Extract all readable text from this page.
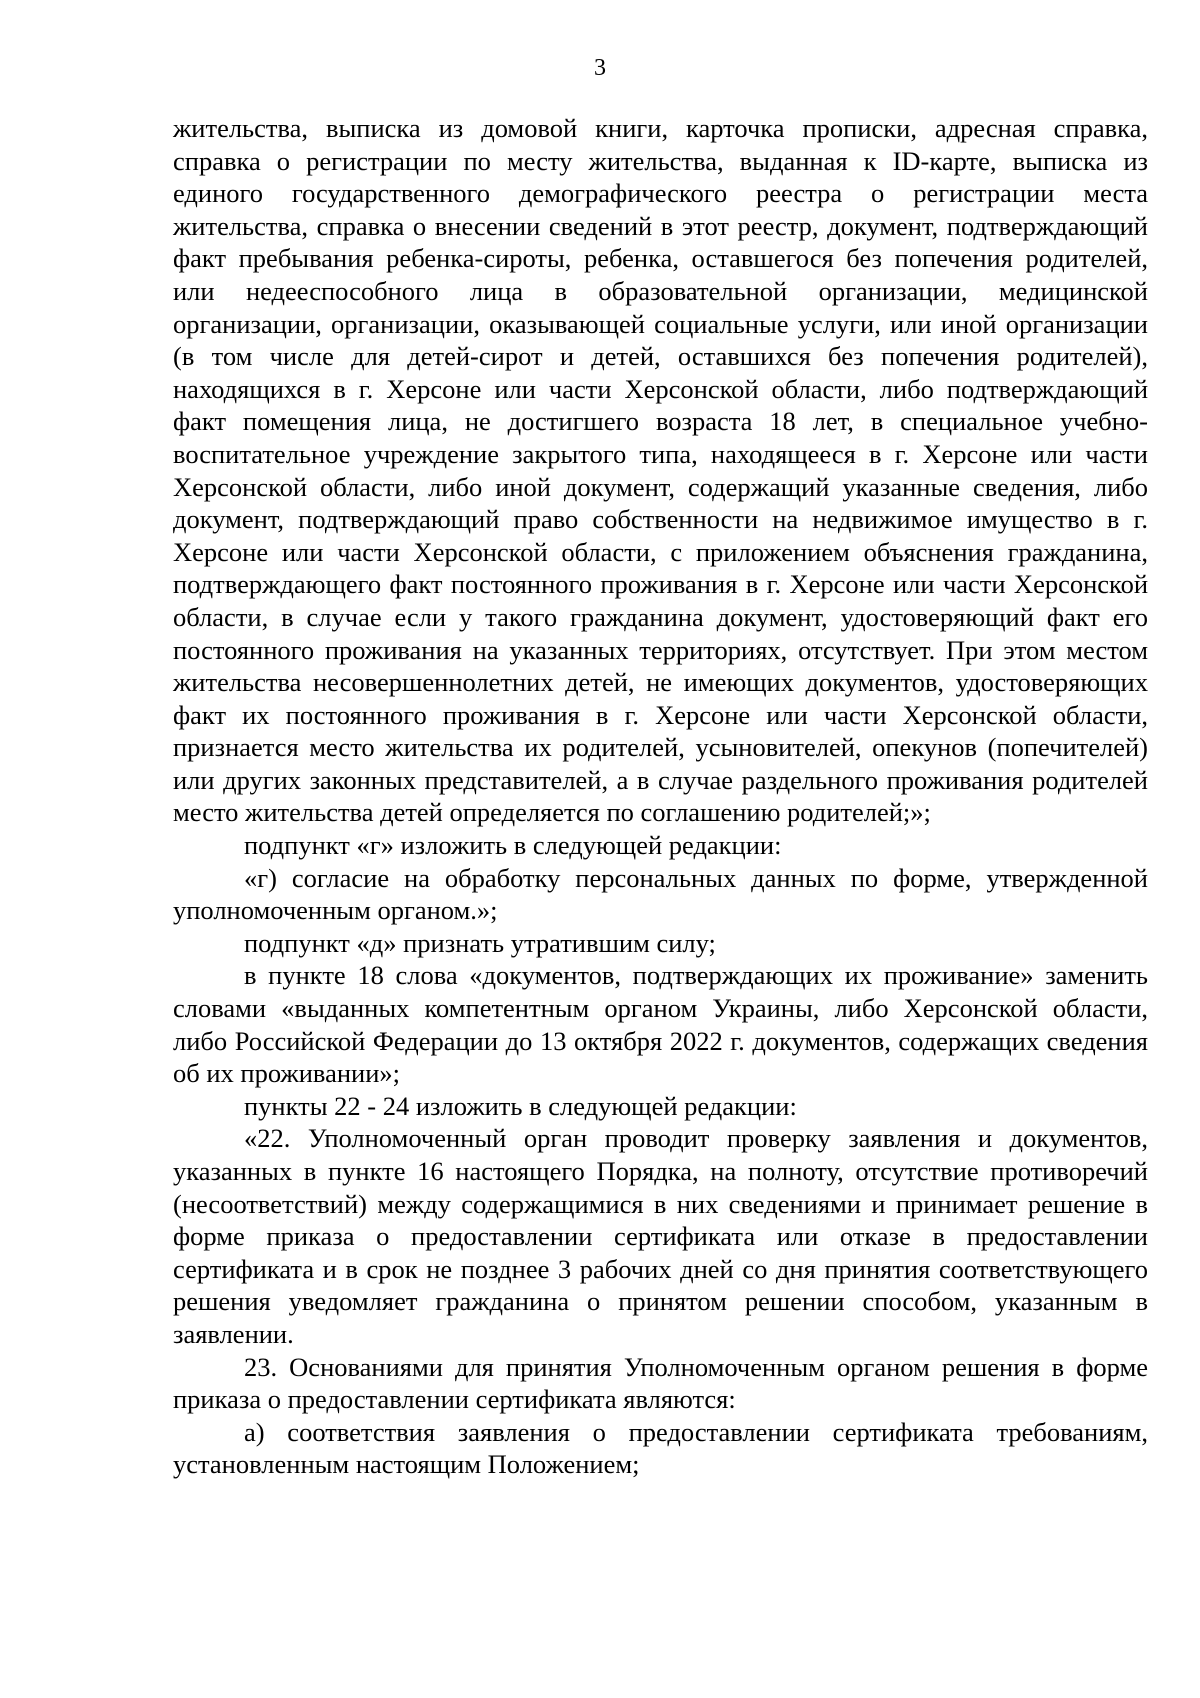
3

жительства, выписка из домовой книги, карточка прописки, адресная справка, справка о регистрации по месту жительства, выданная к ID-карте, выписка из единого государственного демографического реестра о регистрации места жительства, справка о внесении сведений в этот реестр, документ, подтверждающий факт пребывания ребенка-сироты, ребенка, оставшегося без попечения родителей, или недееспособного лица в образовательной организации, медицинской организации, организации, оказывающей социальные услуги, или иной организации (в том числе для детей-сирот и детей, оставшихся без попечения родителей), находящихся в г. Херсоне или части Херсонской области, либо подтверждающий факт помещения лица, не достигшего возраста 18 лет, в специальное учебно-воспитательное учреждение закрытого типа, находящееся в г. Херсоне или части Херсонской области, либо иной документ, содержащий указанные сведения, либо документ, подтверждающий право собственности на недвижимое имущество в г. Херсоне или части Херсонской области, с приложением объяснения гражданина, подтверждающего факт постоянного проживания в г. Херсоне или части Херсонской области, в случае если у такого гражданина документ, удостоверяющий факт его постоянного проживания на указанных территориях, отсутствует. При этом местом жительства несовершеннолетних детей, не имеющих документов, удостоверяющих факт их постоянного проживания в г. Херсоне или части Херсонской области, признается место жительства их родителей, усыновителей, опекунов (попечителей) или других законных представителей, а в случае раздельного проживания родителей место жительства детей определяется по соглашению родителей;»;

подпункт «г» изложить в следующей редакции:

«г) согласие на обработку персональных данных по форме, утвержденной уполномоченным органом.»;

подпункт «д» признать утратившим силу;

в пункте 18 слова «документов, подтверждающих их проживание» заменить словами «выданных компетентным органом Украины, либо Херсонской области, либо Российской Федерации до 13 октября 2022 г. документов, содержащих сведения об их проживании»;

пункты 22 - 24 изложить в следующей редакции:

«22. Уполномоченный орган проводит проверку заявления и документов, указанных в пункте 16 настоящего Порядка, на полноту, отсутствие противоречий (несоответствий) между содержащимися в них сведениями и принимает решение в форме приказа о предоставлении сертификата или отказе в предоставлении сертификата и в срок не позднее 3 рабочих дней со дня принятия соответствующего решения уведомляет гражданина о принятом решении способом, указанным в заявлении.

23. Основаниями для принятия Уполномоченным органом решения в форме приказа о предоставлении сертификата являются:

а) соответствия заявления о предоставлении сертификата требованиям, установленным настоящим Положением;
